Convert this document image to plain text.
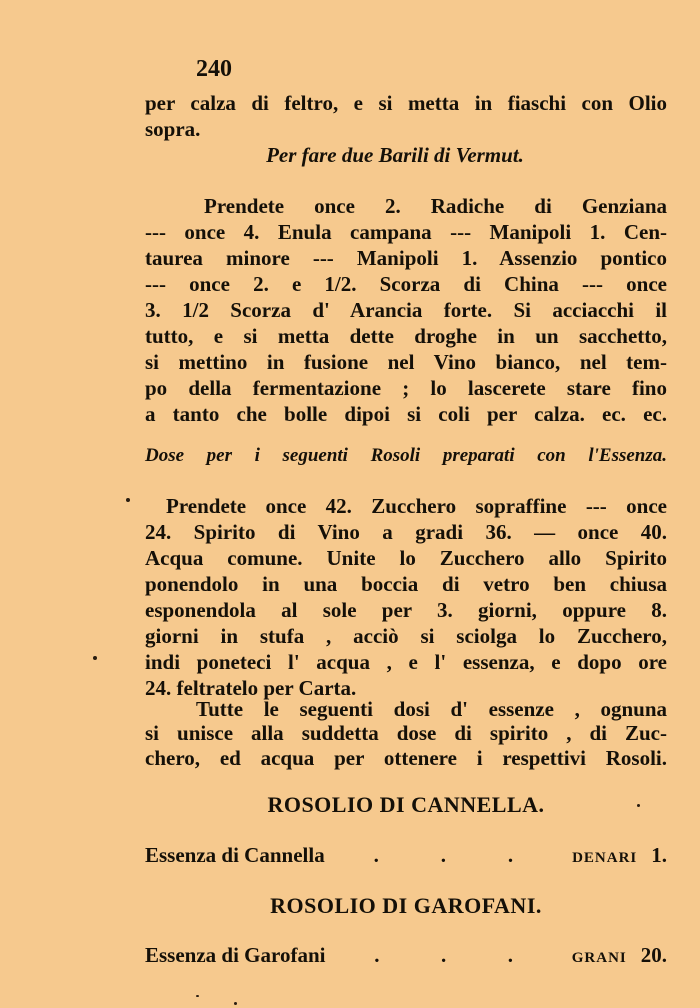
240
per calza di feltro, e si metta in fiaschi con Olio
sopra.
Per fare due Barili di Vermut.
Prendete once 2. Radiche di Genziana
--- once 4. Enula campana --- Manipoli 1. Cen-
taurea minore --- Manipoli 1. Assenzio pontico
--- once 2. e 1/2. Scorza di China --- once
3. 1/2 Scorza d' Arancia forte. Si acciacchi il
tutto, e si metta dette droghe in un sacchetto,
si mettino in fusione nel Vino bianco, nel tem-
po della fermentazione ; lo lascerete stare fino
a tanto che bolle dipoi si coli per calza. ec. ec.
Dose per i seguenti Rosoli preparati con l'Essenza.
Prendete once 42. Zucchero sopraffine --- once
24. Spirito di Vino a gradi 36. — once 40.
Acqua comune. Unite lo Zucchero allo Spirito
ponendolo in una boccia di vetro ben chiusa
esponendola al sole per 3. giorni, oppure 8.
giorni in stufa , acciò si sciolga lo Zucchero,
indi poneteci l' acqua , e l' essenza, e dopo ore
24. feltratelo per Carta.
Tutte le seguenti dosi d' essenze , ognuna
si unisce alla suddetta dose di spirito , di Zuc-
chero, ed acqua per ottenere i respettivi Rosoli.
ROSOLIO DI CANNELLA.
Essenza di Cannella .	.	.	DENARI 1.
ROSOLIO DI GAROFANI.
Essenza di Garofani .	.	.	GRANI 20.
